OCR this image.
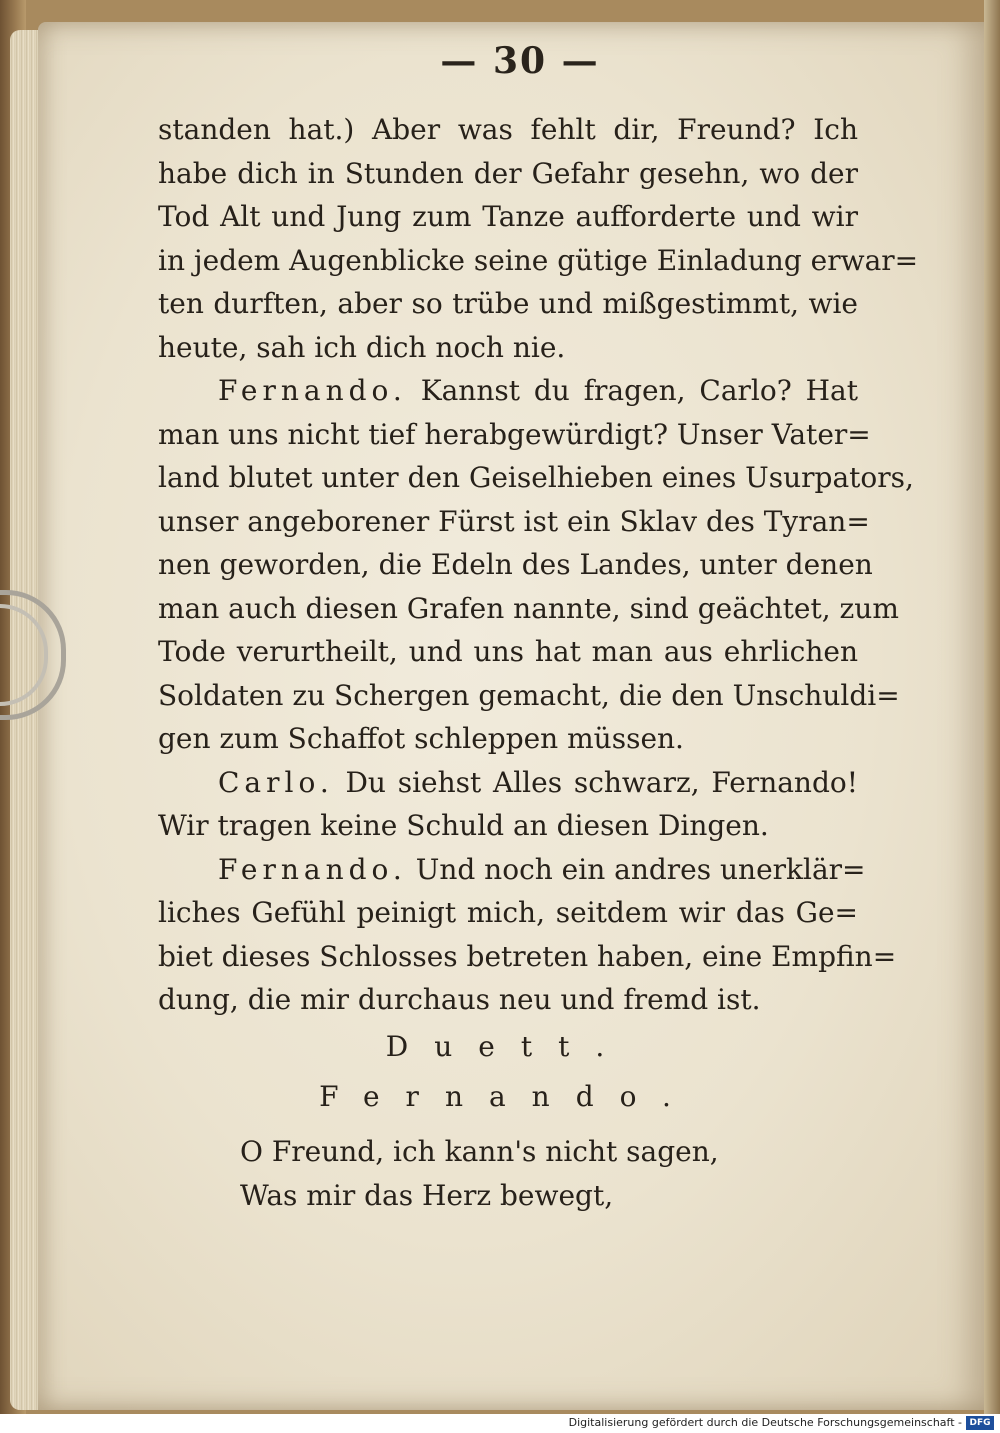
— 30 —
standen hat.) Aber was fehlt dir, Freund? Ich
habe dich in Stunden der Gefahr gesehn, wo der
Tod Alt und Jung zum Tanze aufforderte und wir
in jedem Augenblicke seine gütige Einladung erwar=
ten durften, aber so trübe und mißgestimmt, wie
heute, sah ich dich noch nie.
Fernando. Kannst du fragen, Carlo? Hat
man uns nicht tief herabgewürdigt? Unser Vater=
land blutet unter den Geiselhieben eines Usurpators,
unser angeborener Fürst ist ein Sklav des Tyran=
nen geworden, die Edeln des Landes, unter denen
man auch diesen Grafen nannte, sind geächtet, zum
Tode verurtheilt, und uns hat man aus ehrlichen
Soldaten zu Schergen gemacht, die den Unschuldi=
gen zum Schaffot schleppen müssen.
Carlo. Du siehst Alles schwarz, Fernando!
Wir tragen keine Schuld an diesen Dingen.
Fernando. Und noch ein andres unerklär=
liches Gefühl peinigt mich, seitdem wir das Ge=
biet dieses Schlosses betreten haben, eine Empfin=
dung, die mir durchaus neu und fremd ist.
Duett.
Fernando.
O Freund, ich kann's nicht sagen,
Was mir das Herz bewegt,
Digitalisierung gefördert durch die Deutsche Forschungsgemeinschaft - DFG
